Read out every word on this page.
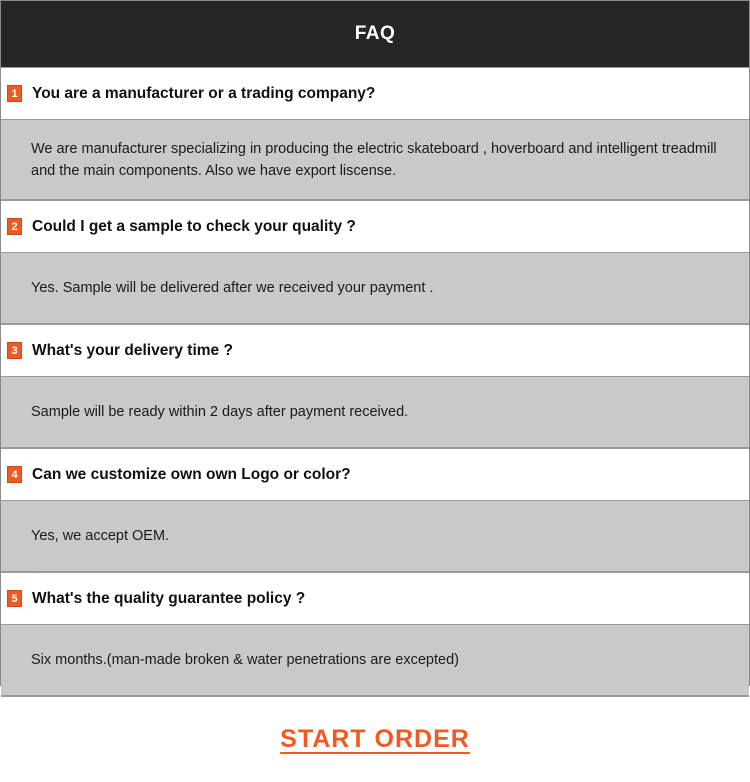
FAQ
1 You are a manufacturer or a trading company?
We are manufacturer specializing in producing the electric skateboard , hoverboard and intelligent treadmill and the main components. Also we have export liscense.
2 Could I get a sample to check your quality ?
Yes. Sample will be delivered after we received your payment .
3 What's your delivery time ?
Sample will be ready within 2 days after payment received.
4 Can we customize own own Logo or color?
Yes, we accept OEM.
5 What's the quality guarantee policy ?
Six months.(man-made broken & water penetrations are excepted)
START ORDER
